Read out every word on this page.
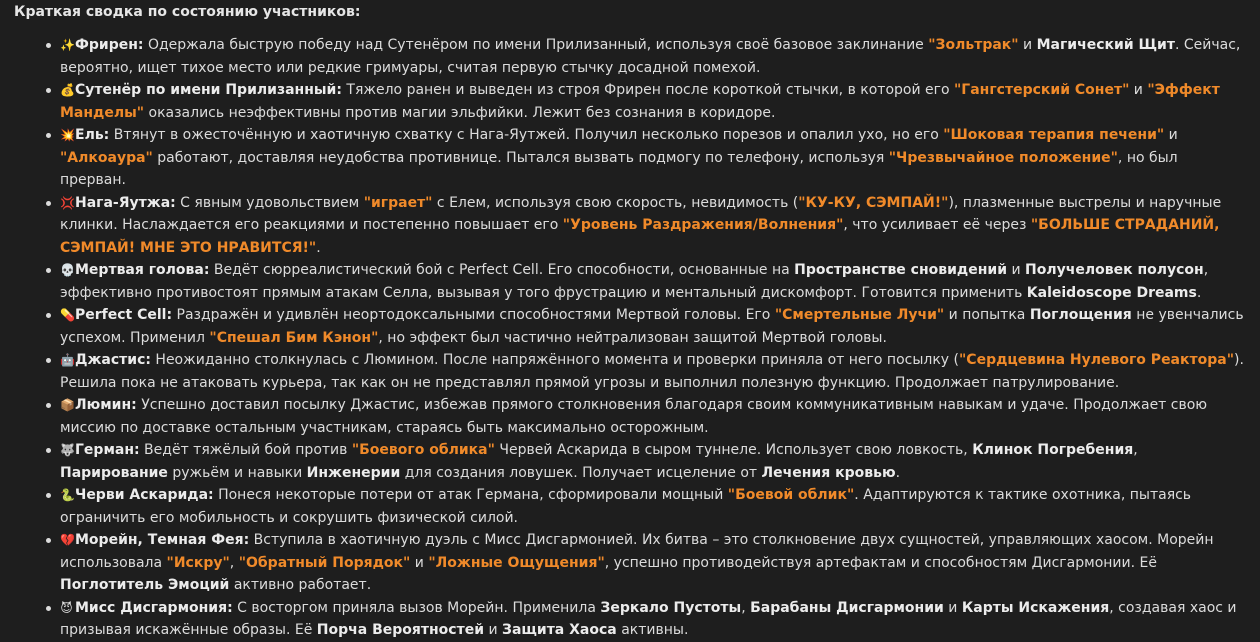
Краткая сводка по состоянию участников:
✨Фрирен: Одержала быструю победу над Сутенёром по имени Прилизанный, используя своё базовое заклинание "Зольтрак" и Магический Щит. Сейчас, вероятно, ищет тихое место или редкие гримуары, считая первую стычку досадной помехой.
💰Сутенёр по имени Прилизанный: Тяжело ранен и выведен из строя Фрирен после короткой стычки, в которой его "Гангстерский Сонет" и "Эффект Манделы" оказались неэффективны против магии эльфийки. Лежит без сознания в коридоре.
💥Ель: Втянут в ожесточённую и хаотичную схватку с Нага-Яутжей. Получил несколько порезов и опалил ухо, но его "Шоковая терапия печени" и "Алкоаура" работают, доставляя неудобства противнице. Пытался вызвать подмогу по телефону, используя "Чрезвычайное положение", но был прерван.
💢Нага-Яутжа: С явным удовольствием "играет" с Елем, используя свою скорость, невидимость ("КУ-КУ, СЭМПАЙ!"), плазменные выстрелы и наручные клинки. Наслаждается его реакциями и постепенно повышает его "Уровень Раздражения/Волнения", что усиливает её через "БОЛЬШЕ СТРАДАНИЙ, СЭМПАЙ! МНЕ ЭТО НРАВИТСЯ!".
💀Мертвая голова: Ведёт сюрреалистический бой с Perfect Cell. Его способности, основанные на Пространстве сновидений и Получеловек полусон, эффективно противостоят прямым атакам Селла, вызывая у того фрустрацию и ментальный дискомфорт. Готовится применить Kaleidoscope Dreams.
💊Perfect Cell: Раздражён и удивлён неортодоксальными способностями Мертвой головы. Его "Смертельные Лучи" и попытка Поглощения не увенчались успехом. Применил "Спешал Бим Кэнон", но эффект был частично нейтрализован защитой Мертвой головы.
🤖Джастис: Неожиданно столкнулась с Люмином. После напряжённого момента и проверки приняла от него посылку ("Сердцевина Нулевого Реактора"). Решила пока не атаковать курьера, так как он не представлял прямой угрозы и выполнил полезную функцию. Продолжает патрулирование.
📦Люмин: Успешно доставил посылку Джастис, избежав прямого столкновения благодаря своим коммуникативным навыкам и удаче. Продолжает свою миссию по доставке остальным участникам, стараясь быть максимально осторожным.
🐺Герман: Ведёт тяжёлый бой против "Боевого облика" Червей Аскарида в сыром туннеле. Использует свою ловкость, Клинок Погребения, Парирование ружьём и навыки Инженерии для создания ловушек. Получает исцеление от Лечения кровью.
🐍Черви Аскарида: Понеся некоторые потери от атак Германа, сформировали мощный "Боевой облик". Адаптируются к тактике охотника, пытаясь ограничить его мобильность и сокрушить физической силой.
💔Морейн, Темная Фея: Вступила в хаотичную дуэль с Мисс Дисгармонией. Их битва – это столкновение двух сущностей, управляющих хаосом. Морейн использовала "Искру", "Обратный Порядок" и "Ложные Ощущения", успешно противодействуя артефактам и способностям Дисгармонии. Её Поглотитель Эмоций активно работает.
😈 Мисс Дисгармония: С восторгом приняла вызов Морейн. Применила Зеркало Пустоты, Барабаны Дисгармонии и Карты Искажения, создавая хаос и призывая искажённые образы. Её Порча Вероятностей и Защита Хаоса активны.
